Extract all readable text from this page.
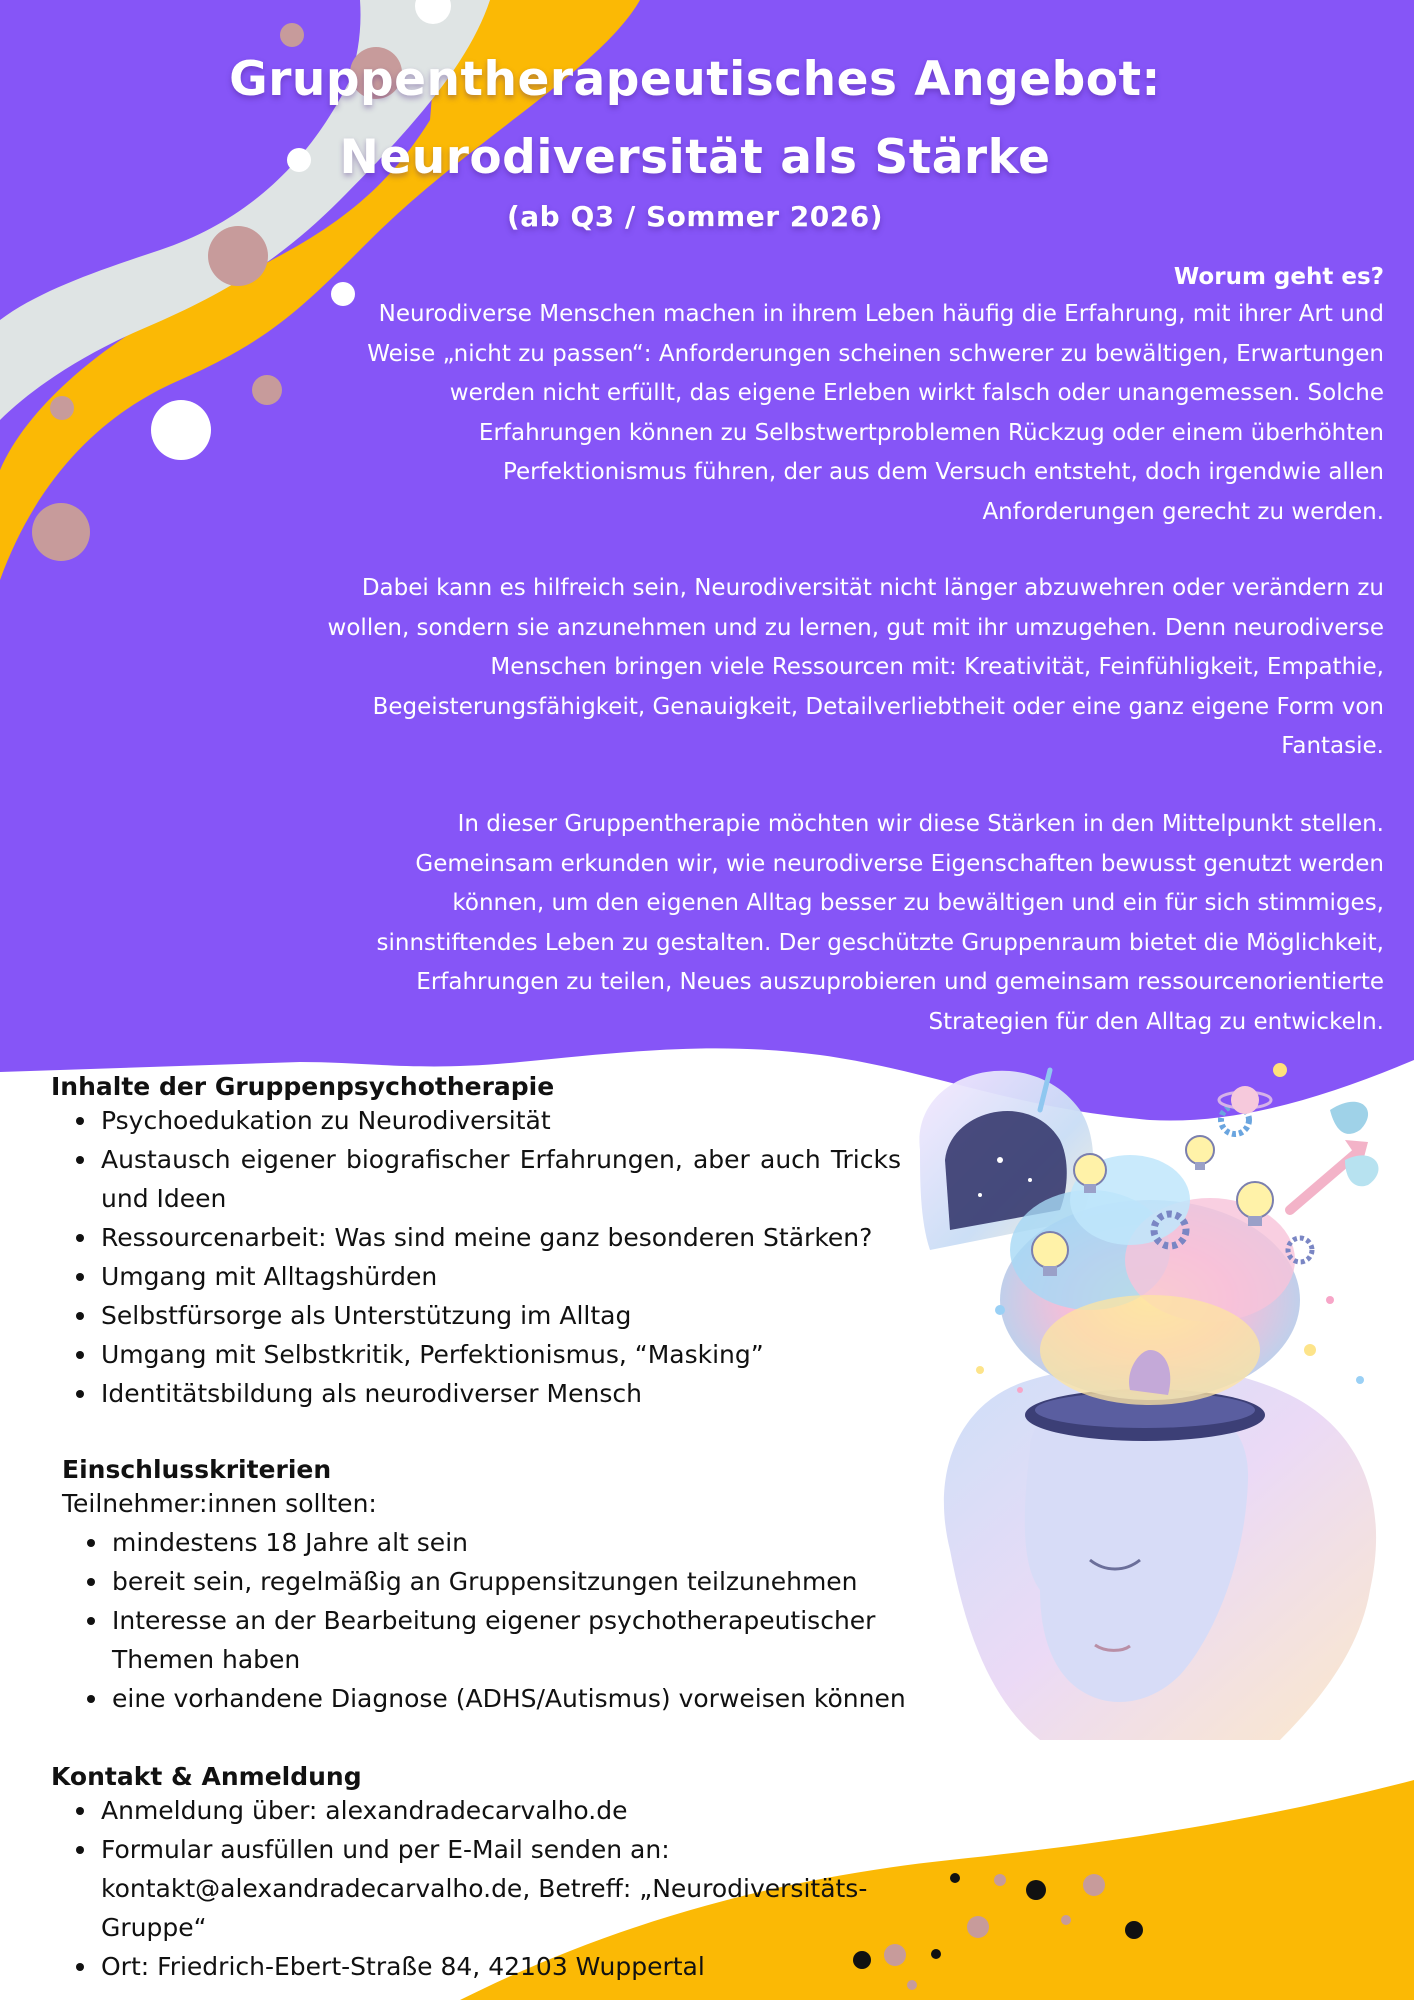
Gruppentherapeutisches Angebot:
Neurodiversität als Stärke
(ab Q3 / Sommer 2026)
Worum geht es?
Neurodiverse Menschen machen in ihrem Leben häufig die Erfahrung, mit ihrer Art und Weise „nicht zu passen“: Anforderungen scheinen schwerer zu bewältigen, Erwartungen werden nicht erfüllt, das eigene Erleben wirkt falsch oder unangemessen. Solche Erfahrungen können zu Selbstwertproblemen Rückzug oder einem überhöhten Perfektionismus führen, der aus dem Versuch entsteht, doch irgendwie allen Anforderungen gerecht zu werden.
Dabei kann es hilfreich sein, Neurodiversität nicht länger abzuwehren oder verändern zu wollen, sondern sie anzunehmen und zu lernen, gut mit ihr umzugehen. Denn neurodiverse Menschen bringen viele Ressourcen mit: Kreativität, Feinfühligkeit, Empathie, Begeisterungsfähigkeit, Genauigkeit, Detailverliebtheit oder eine ganz eigene Form von Fantasie.
In dieser Gruppentherapie möchten wir diese Stärken in den Mittelpunkt stellen. Gemeinsam erkunden wir, wie neurodiverse Eigenschaften bewusst genutzt werden können, um den eigenen Alltag besser zu bewältigen und ein für sich stimmiges, sinnstiftendes Leben zu gestalten. Der geschützte Gruppenraum bietet die Möglichkeit, Erfahrungen zu teilen, Neues auszuprobieren und gemeinsam ressourcenorientierte Strategien für den Alltag zu entwickeln.
Inhalte der Gruppenpsychotherapie
Psychoedukation zu Neurodiversität
Austausch eigener biografischer Erfahrungen, aber auch Tricks und Ideen
Ressourcenarbeit: Was sind meine ganz besonderen Stärken?
Umgang mit Alltagshürden
Selbstfürsorge als Unterstützung im Alltag
Umgang mit Selbstkritik, Perfektionismus, “Masking”
Identitätsbildung als neurodiverser Mensch
Einschlusskriterien
Teilnehmer:innen sollten:
mindestens 18 Jahre alt sein
bereit sein, regelmäßig an Gruppensitzungen teilzunehmen
Interesse an der Bearbeitung eigener psychotherapeutischer Themen haben
eine vorhandene Diagnose (ADHS/Autismus) vorweisen können
Kontakt & Anmeldung
Anmeldung über: alexandradecarvalho.de
Formular ausfüllen und per E-Mail senden an: kontakt@alexandradecarvalho.de, Betreff: „Neurodiversitäts-Gruppe“
Ort: Friedrich-Ebert-Straße 84, 42103 Wuppertal
